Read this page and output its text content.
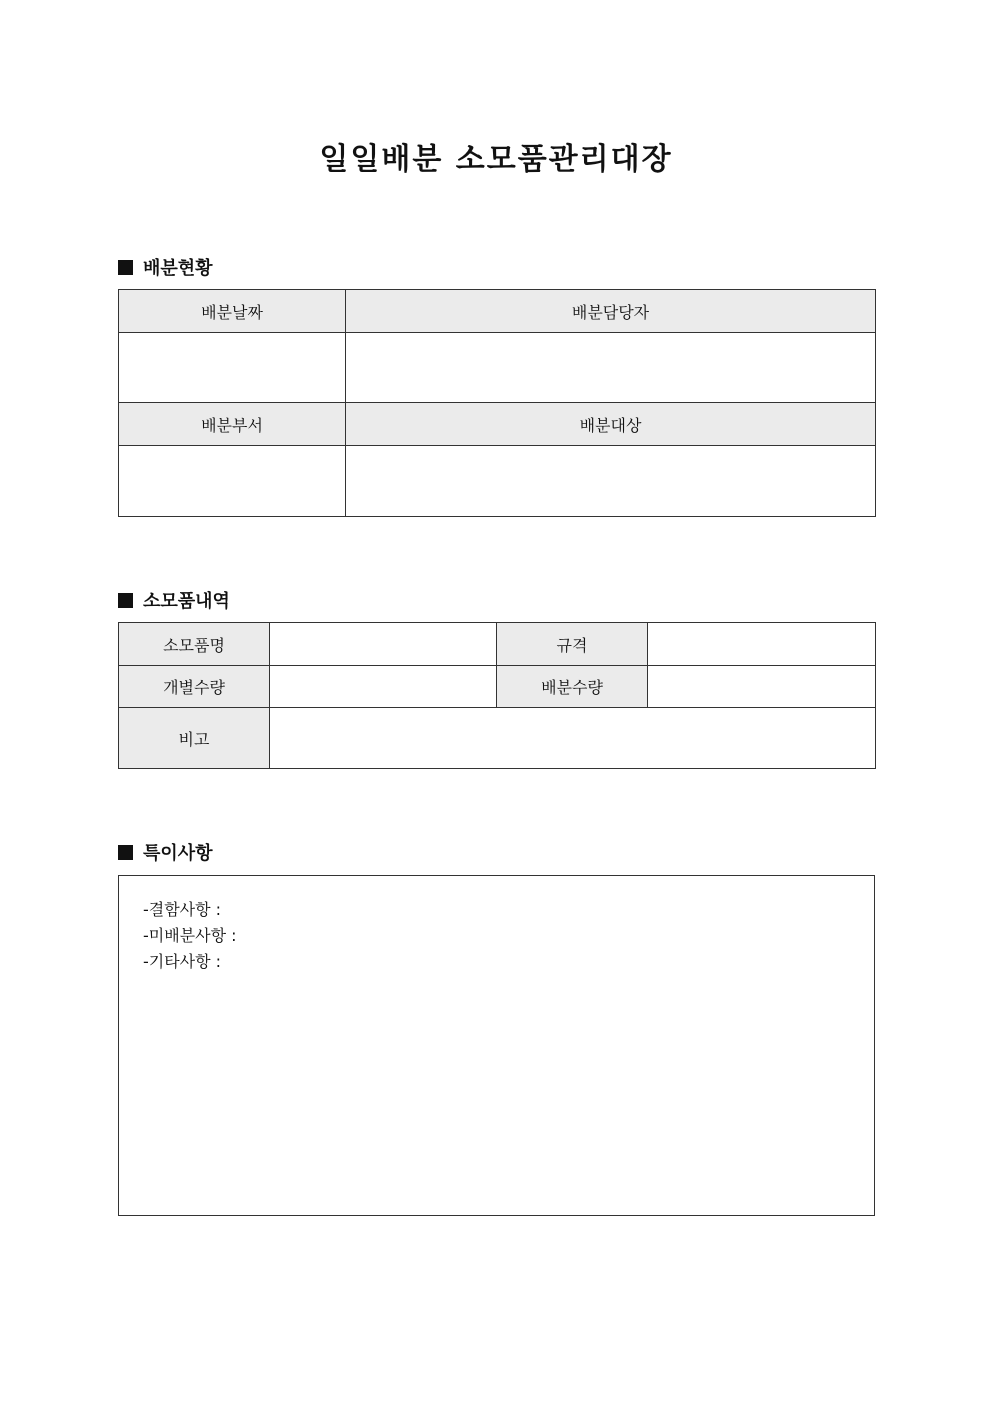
일일배분 소모품관리대장
배분현황
배분날짜	배분담당자

배분부서	배분대상

소모품내역
소모품명		규격	
개별수량		배분수량	
비고			
특이사항
-결함사항 :
-미배분사항 :
-기타사항 :
